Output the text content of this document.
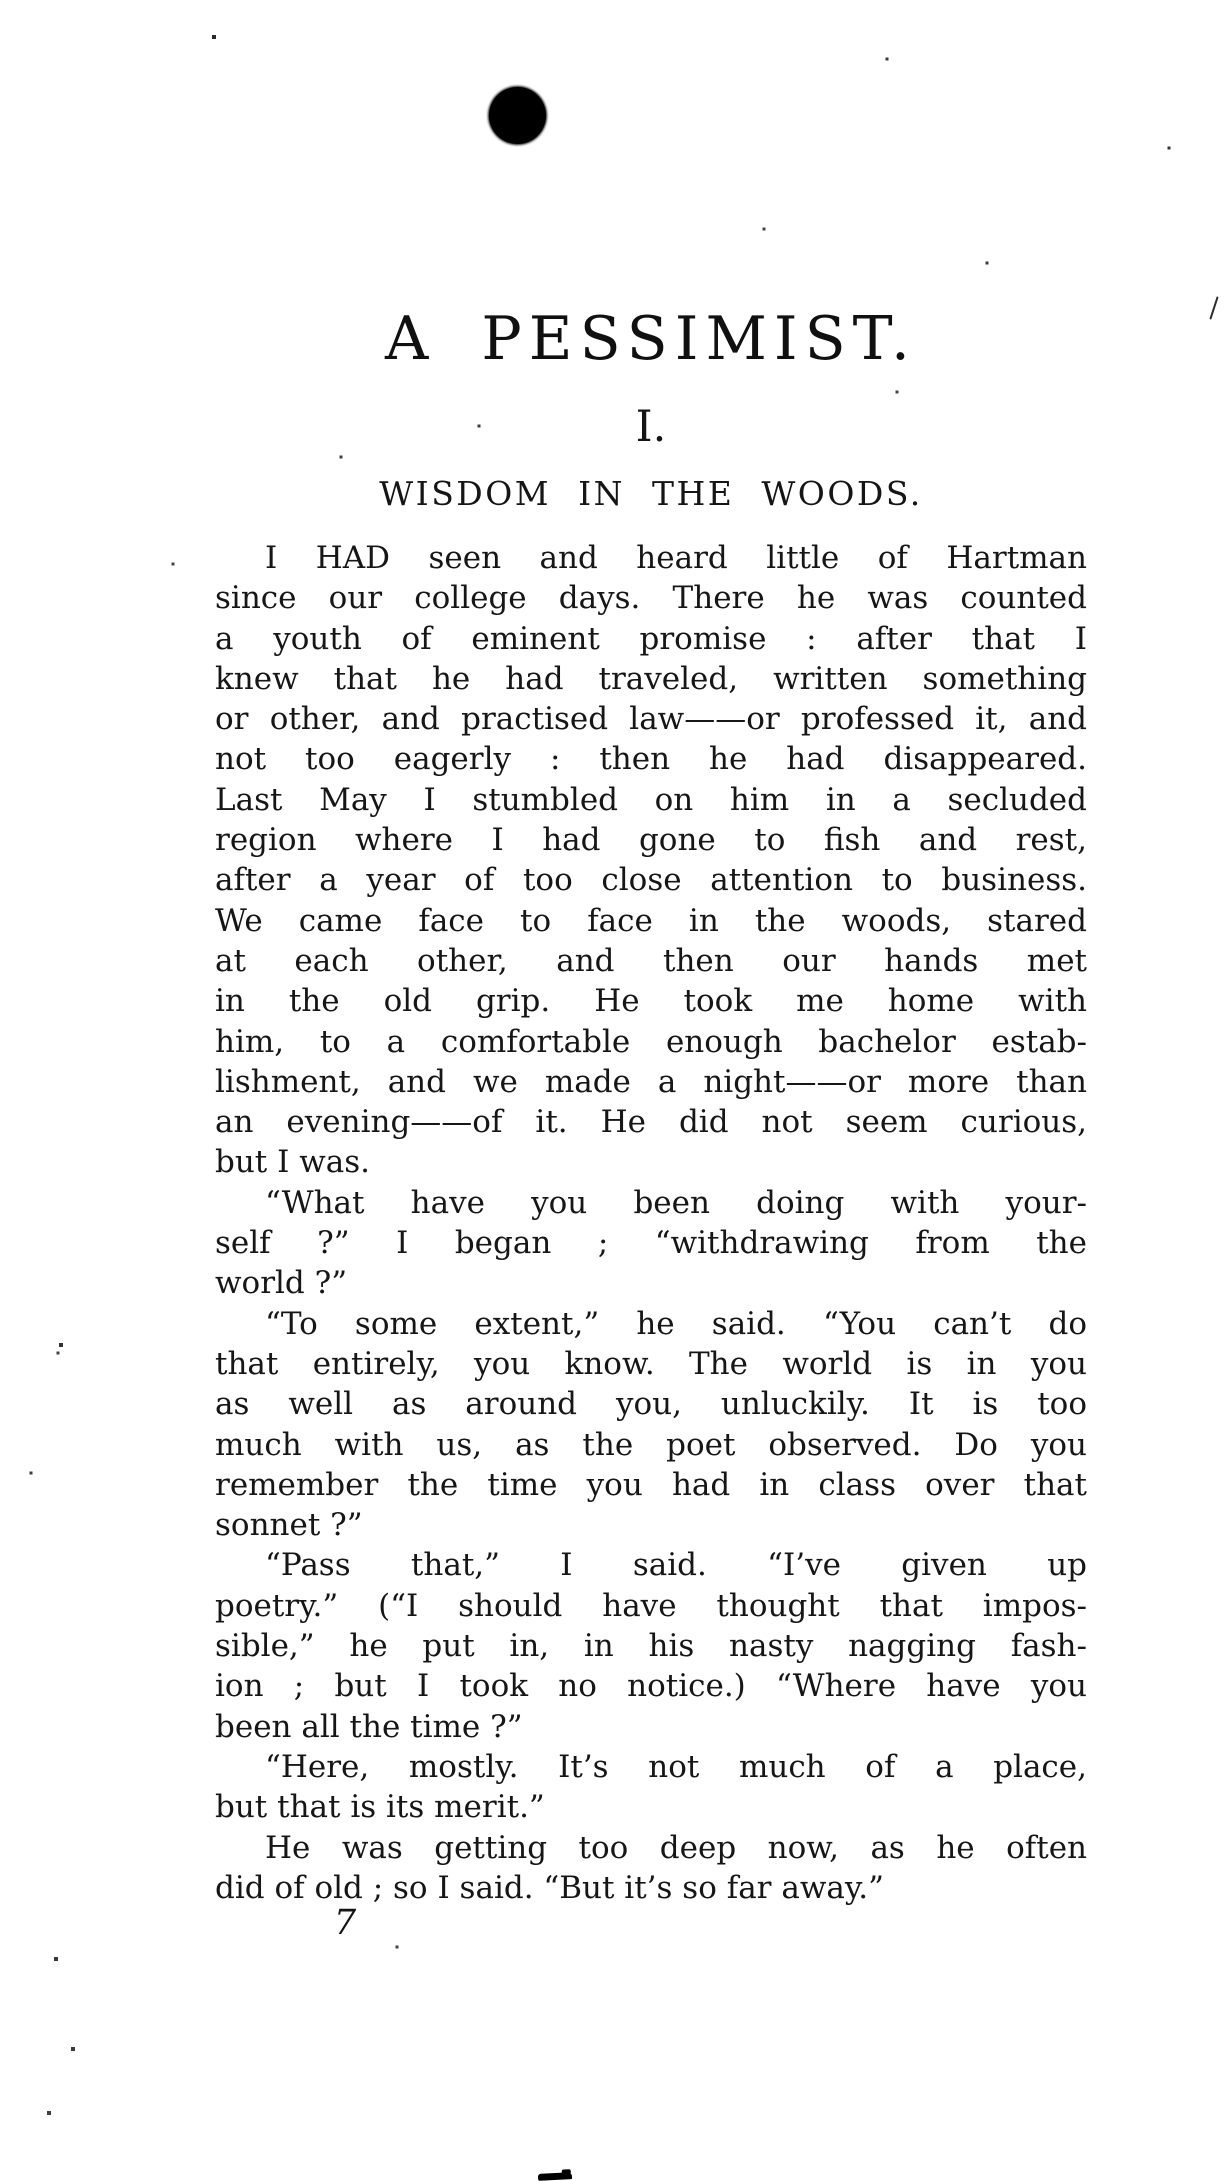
A PESSIMIST.
I.
WISDOM IN THE WOODS.
I HAD seen and heard little of Hartman
since our college days. There he was counted
a youth of eminent promise : after that I
knew that he had traveled, written something
or other, and practised law——or professed it, and
not too eagerly : then he had disappeared.
Last May I stumbled on him in a secluded
region where I had gone to fish and rest,
after a year of too close attention to business.
We came face to face in the woods, stared
at each other, and then our hands met
in the old grip. He took me home with
him, to a comfortable enough bachelor estab-
lishment, and we made a night——or more than
an evening——of it. He did not seem curious,
but I was.
“What have you been doing with your-
self ?” I began ; “withdrawing from the
world ?”
“To some extent,” he said. “You can’t do
that entirely, you know. The world is in you
as well as around you, unluckily. It is too
much with us, as the poet observed. Do you
remember the time you had in class over that
sonnet ?”
“Pass that,” I said. “I’ve given up
poetry.” (“I should have thought that impos-
sible,” he put in, in his nasty nagging fash-
ion ; but I took no notice.) “Where have you
been all the time ?”
“Here, mostly. It’s not much of a place,
but that is its merit.”
He was getting too deep now, as he often
did of old ; so I said. “But it’s so far away.”
7
